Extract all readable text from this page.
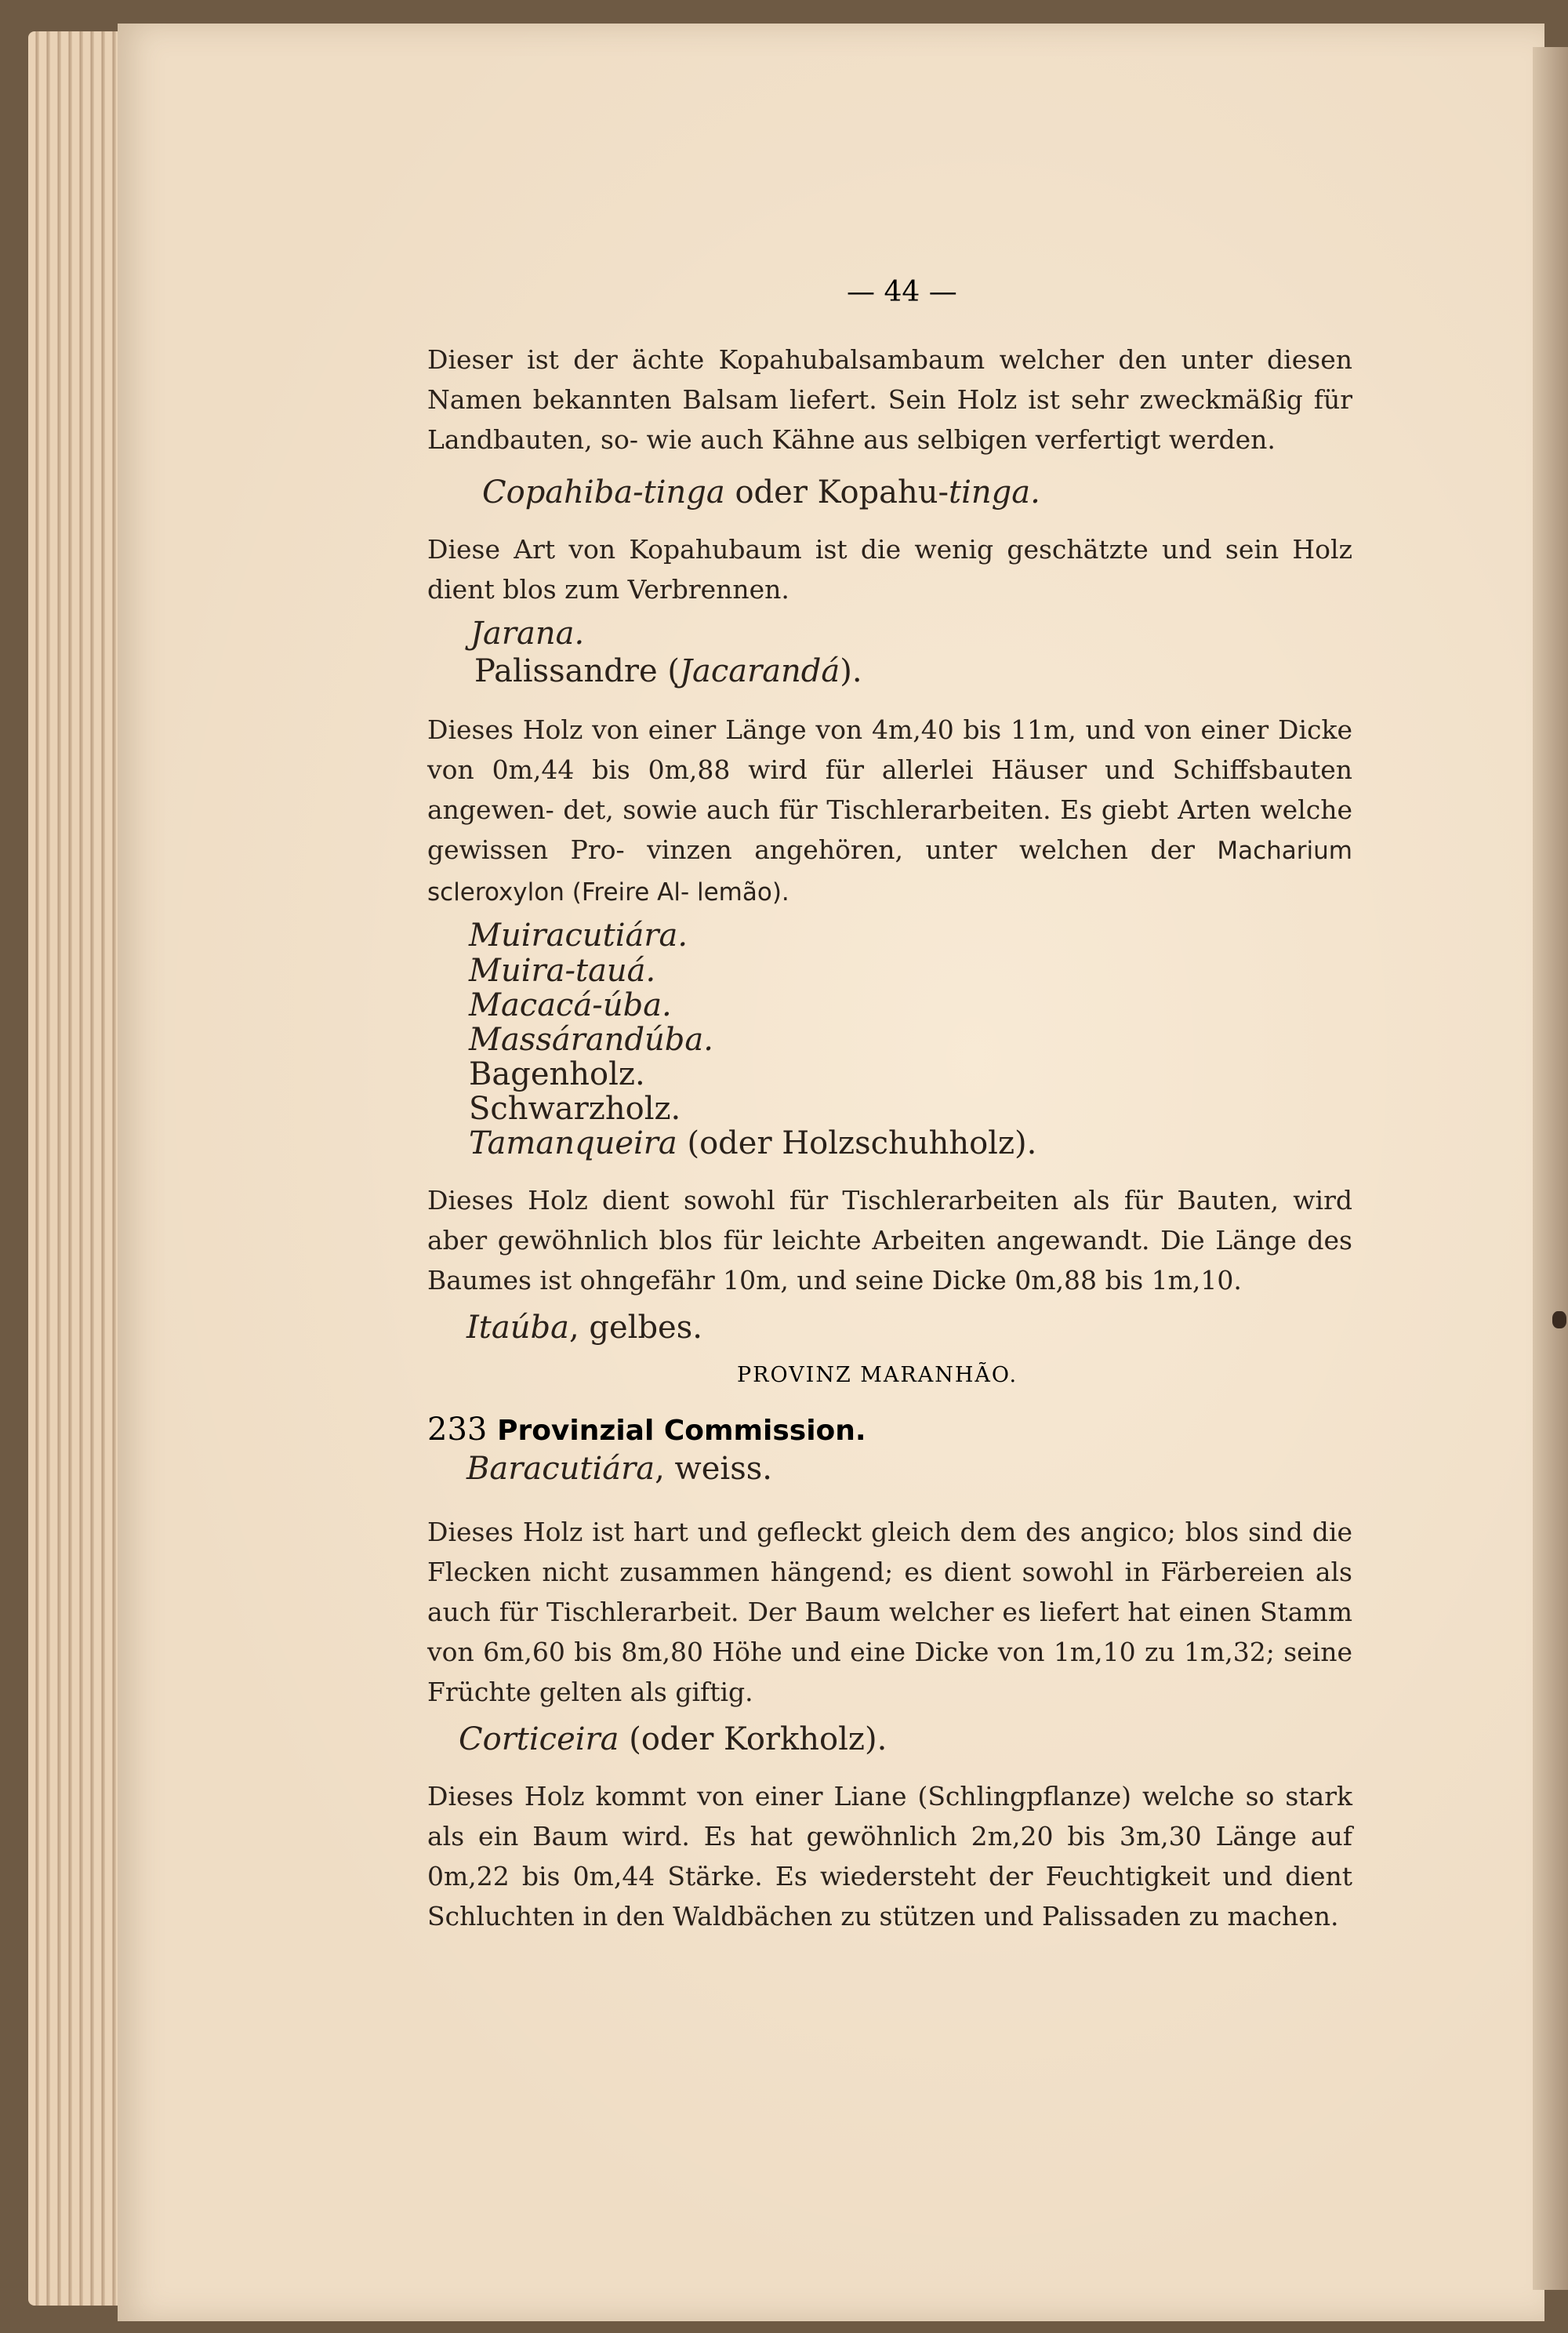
— 44 —
Dieser ist der ächte Kopahubalsambaum welcher den unter diesen Namen bekannten Balsam liefert. Sein Holz ist sehr zweckmäßig für Landbauten, so- wie auch Kähne aus selbigen verfertigt werden.
Copahiba-tinga oder Kopahu-tinga.
Diese Art von Kopahubaum ist die wenig geschätzte und sein Holz dient blos zum Verbrennen.
Jarana.
Palissandre (Jacarandá).
Dieses Holz von einer Länge von 4m,40 bis 11m, und von einer Dicke von 0m,44 bis 0m,88 wird für allerlei Häuser und Schiffsbauten angewen- det, sowie auch für Tischlerarbeiten. Es giebt Arten welche gewissen Pro- vinzen angehören, unter welchen der Macharium scleroxylon (Freire Al- lemão).
Muiracutiára.
Muira-tauá.
Macacá-úba.
Massárandúba.
Bagenholz.
Schwarzholz.
Tamanqueira (oder Holzschuhholz).
Dieses Holz dient sowohl für Tischlerarbeiten als für Bauten, wird aber gewöhnlich blos für leichte Arbeiten angewandt. Die Länge des Baumes ist ohngefähr 10m, und seine Dicke 0m,88 bis 1m,10.
Itaúba, gelbes.
PROVINZ MARANHÃO.
233 Provinzial Commission.
Baracutiára, weiss.
Dieses Holz ist hart und gefleckt gleich dem des angico; blos sind die Flecken nicht zusammen hängend; es dient sowohl in Färbereien als auch für Tischlerarbeit. Der Baum welcher es liefert hat einen Stamm von 6m,60 bis 8m,80 Höhe und eine Dicke von 1m,10 zu 1m,32; seine Früchte gelten als giftig.
Corticeira (oder Korkholz).
Dieses Holz kommt von einer Liane (Schlingpflanze) welche so stark als ein Baum wird. Es hat gewöhnlich 2m,20 bis 3m,30 Länge auf 0m,22 bis 0m,44 Stärke. Es wiedersteht der Feuchtigkeit und dient Schluchten in den Waldbächen zu stützen und Palissaden zu machen.
